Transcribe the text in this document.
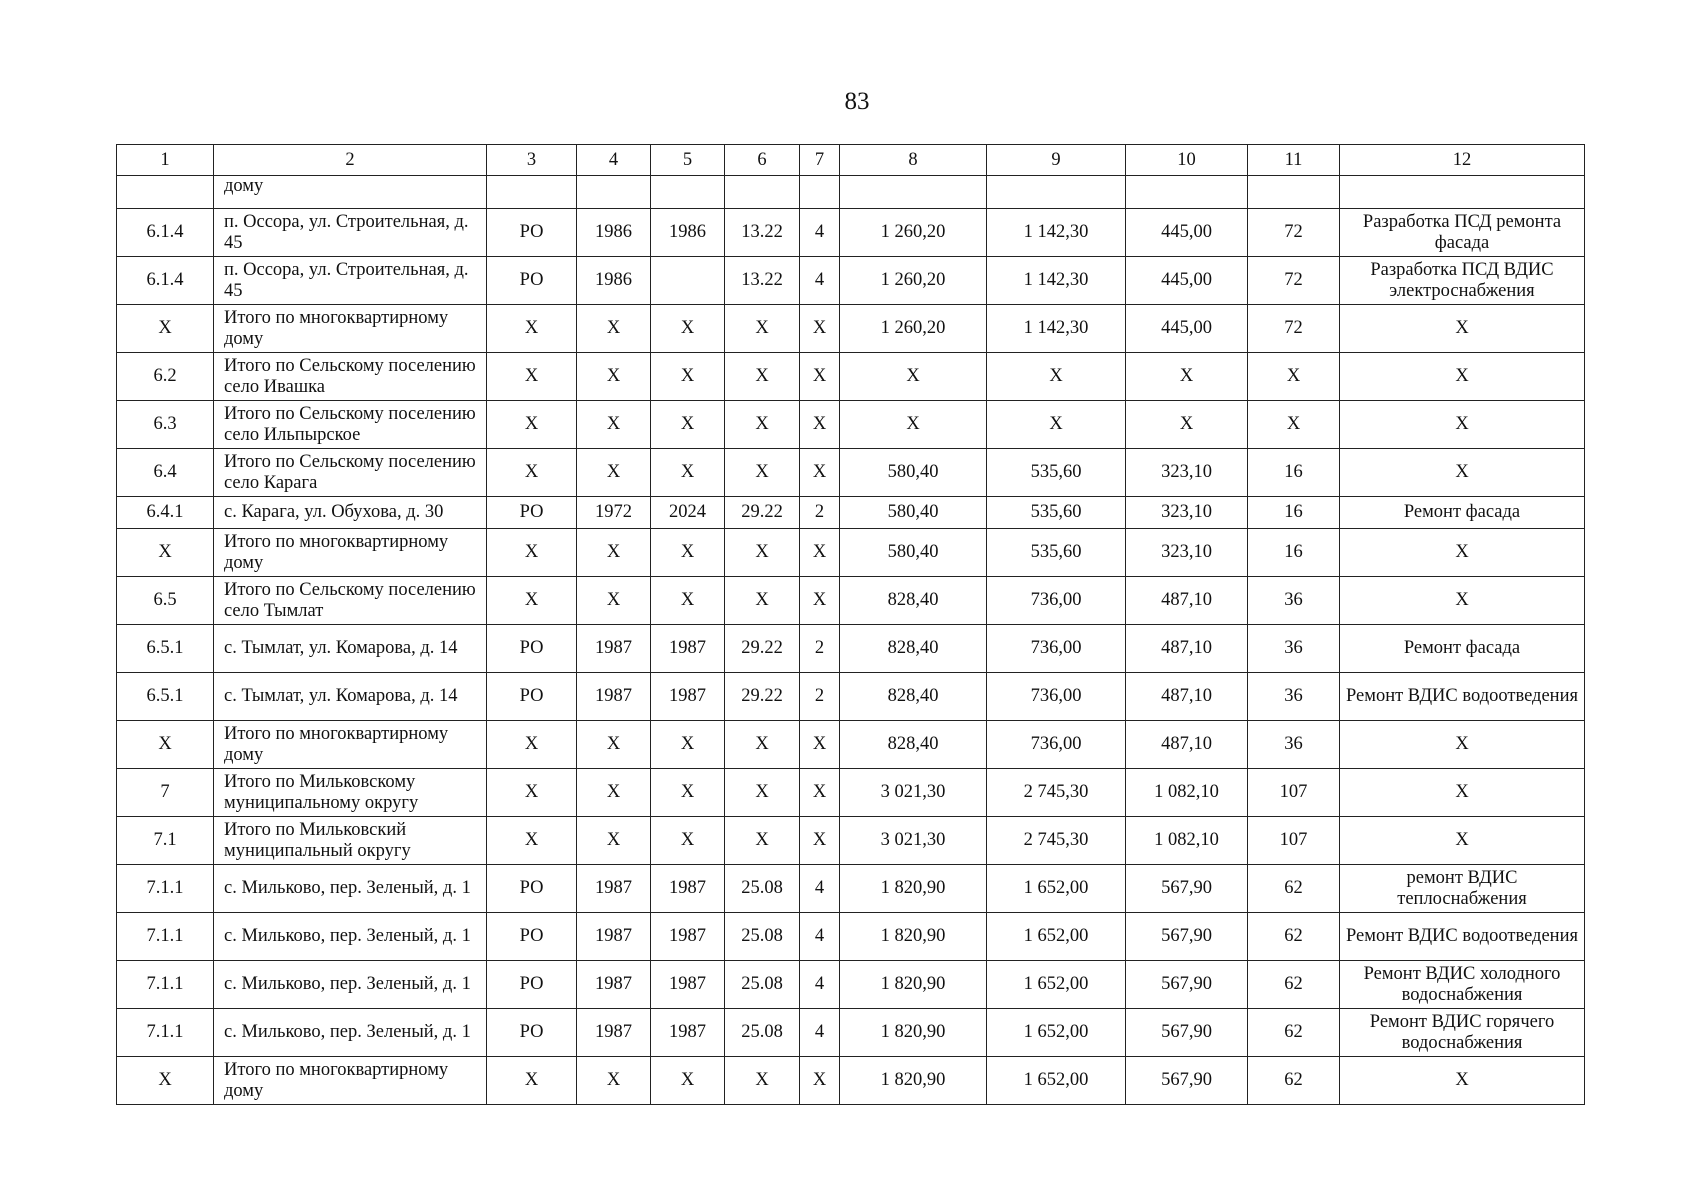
83
1	2	3	4	5	6	7	8	9	10	11	12
	дому										
6.1.4	п. Оссора, ул. Строительная, д. 45	РО	1986	1986	13.22	4	1 260,20	1 142,30	445,00	72	Разработка ПСД ремонта фасада
6.1.4	п. Оссора, ул. Строительная, д. 45	РО	1986		13.22	4	1 260,20	1 142,30	445,00	72	Разработка ПСД ВДИС электроснабжения
Х	Итого по многоквартирному дому	Х	Х	Х	Х	Х	1 260,20	1 142,30	445,00	72	Х
6.2	Итого по Сельскому поселению село Ивашка	Х	Х	Х	Х	Х	Х	Х	Х	Х	Х
6.3	Итого по Сельскому поселению село Ильпырское	Х	Х	Х	Х	Х	Х	Х	Х	Х	Х
6.4	Итого по Сельскому поселению село Карага	Х	Х	Х	Х	Х	580,40	535,60	323,10	16	Х
6.4.1	с. Карага, ул. Обухова, д. 30	РО	1972	2024	29.22	2	580,40	535,60	323,10	16	Ремонт фасада
Х	Итого по многоквартирному дому	Х	Х	Х	Х	Х	580,40	535,60	323,10	16	Х
6.5	Итого по Сельскому поселению село Тымлат	Х	Х	Х	Х	Х	828,40	736,00	487,10	36	Х
6.5.1	с. Тымлат, ул. Комарова, д. 14	РО	1987	1987	29.22	2	828,40	736,00	487,10	36	Ремонт фасада
6.5.1	с. Тымлат, ул. Комарова, д. 14	РО	1987	1987	29.22	2	828,40	736,00	487,10	36	Ремонт ВДИС водоотведения
Х	Итого по многоквартирному дому	Х	Х	Х	Х	Х	828,40	736,00	487,10	36	Х
7	Итого по Мильковскому муниципальному округу	Х	Х	Х	Х	Х	3 021,30	2 745,30	1 082,10	107	Х
7.1	Итого по Мильковский муниципальный округу	Х	Х	Х	Х	Х	3 021,30	2 745,30	1 082,10	107	Х
7.1.1	с. Мильково, пер. Зеленый, д. 1	РО	1987	1987	25.08	4	1 820,90	1 652,00	567,90	62	ремонт ВДИС теплоснабжения
7.1.1	с. Мильково, пер. Зеленый, д. 1	РО	1987	1987	25.08	4	1 820,90	1 652,00	567,90	62	Ремонт ВДИС водоотведения
7.1.1	с. Мильково, пер. Зеленый, д. 1	РО	1987	1987	25.08	4	1 820,90	1 652,00	567,90	62	Ремонт ВДИС холодного водоснабжения
7.1.1	с. Мильково, пер. Зеленый, д. 1	РО	1987	1987	25.08	4	1 820,90	1 652,00	567,90	62	Ремонт ВДИС горячего водоснабжения
Х	Итого по многоквартирному дому	Х	Х	Х	Х	Х	1 820,90	1 652,00	567,90	62	Х
